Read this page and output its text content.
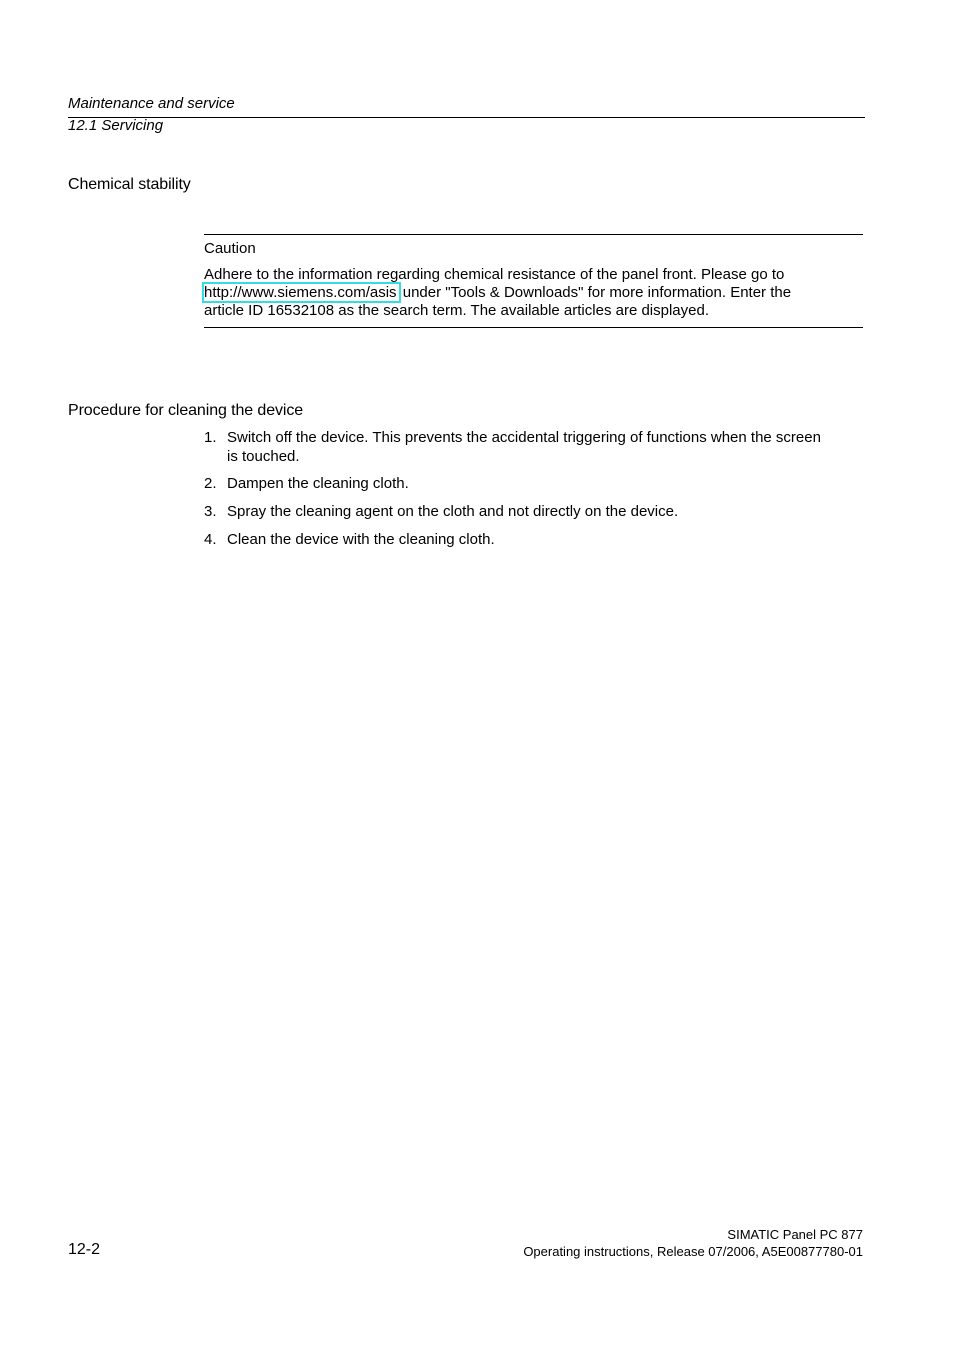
Maintenance and service
12.1 Servicing
Chemical stability
Caution
Adhere to the information regarding chemical resistance of the panel front. Please go to
http://www.siemens.com/asis under "Tools & Downloads" for more information. Enter the
article ID 16532108 as the search term. The available articles are displayed.
Procedure for cleaning the device
1. Switch off the device. This prevents the accidental triggering of functions when the screen
is touched.
2. Dampen the cleaning cloth.
3. Spray the cleaning agent on the cloth and not directly on the device.
4. Clean the device with the cleaning cloth.
12-2
SIMATIC Panel PC 877
Operating instructions, Release 07/2006, A5E00877780-01
